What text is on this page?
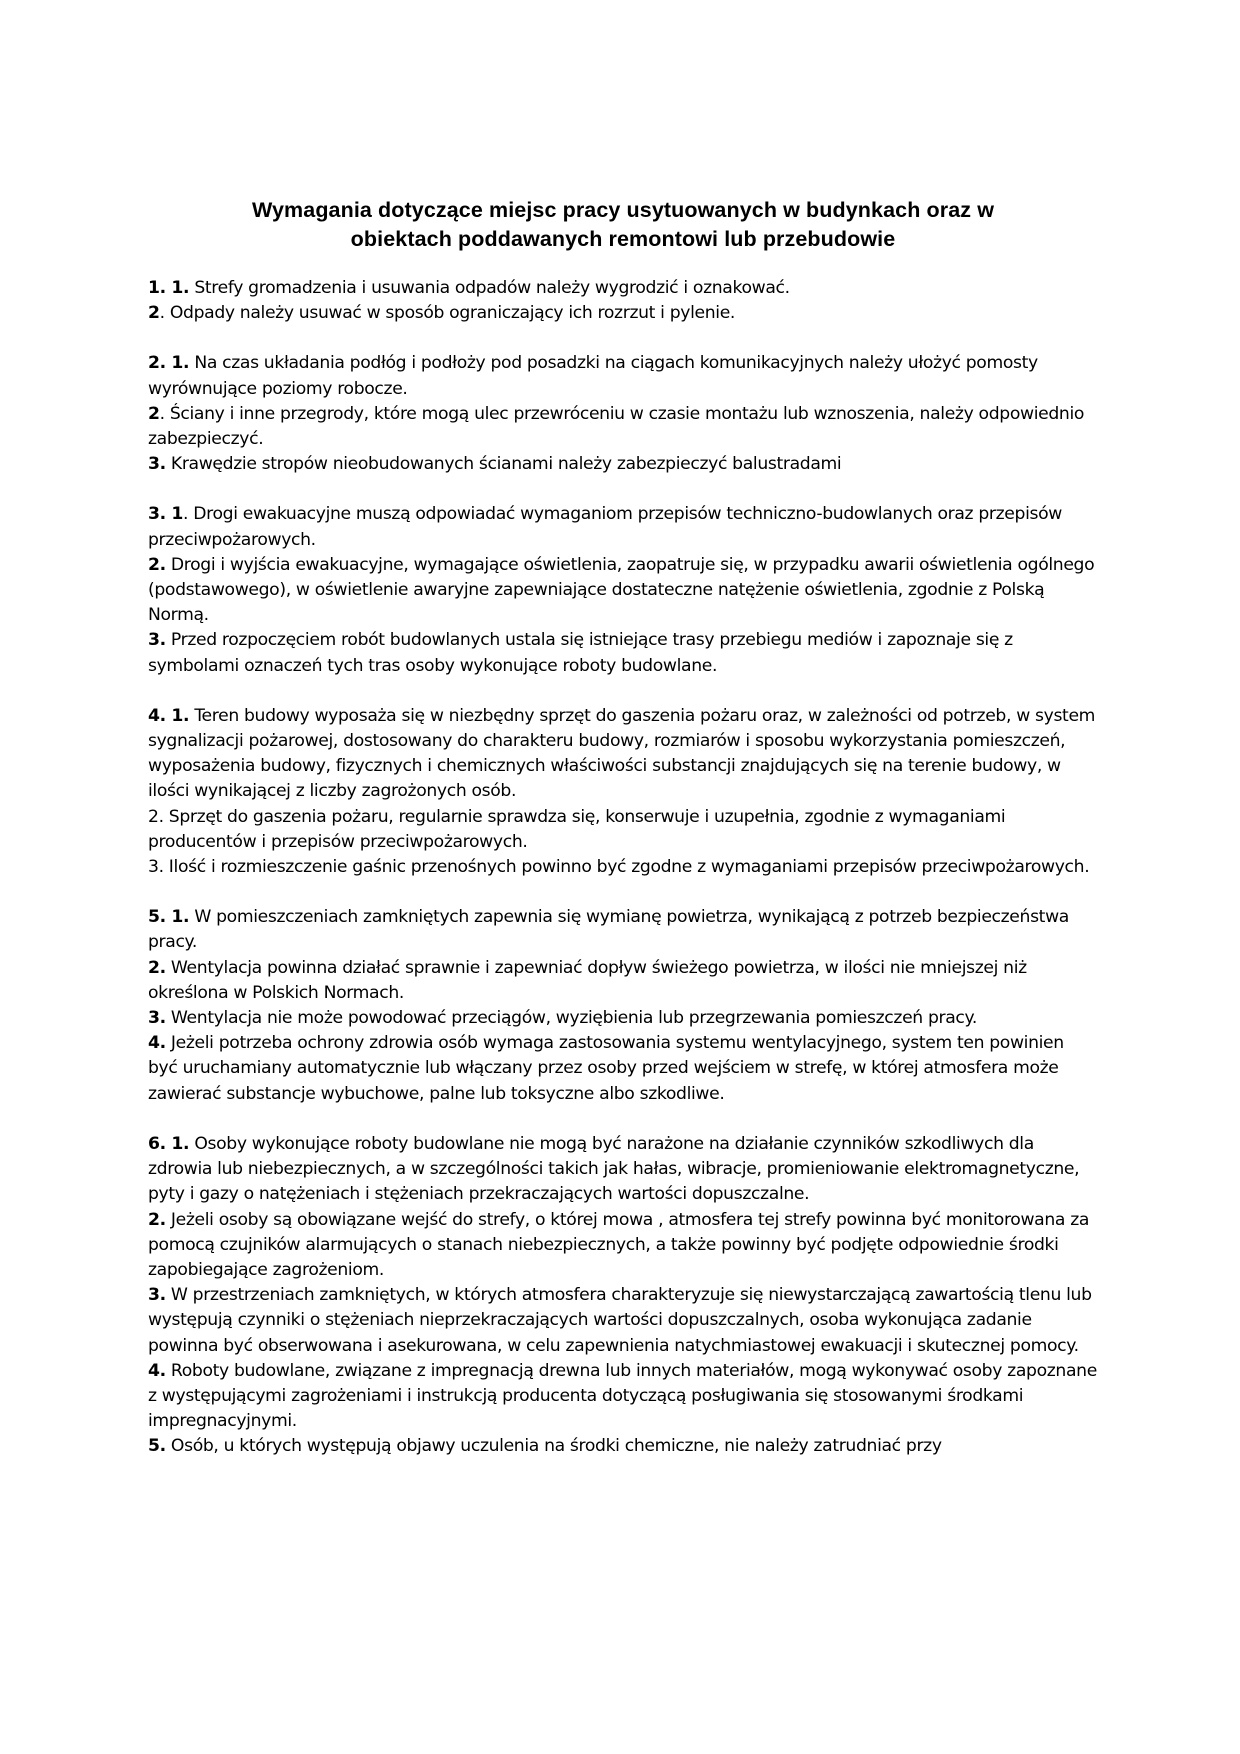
Wymagania dotyczące miejsc pracy usytuowanych w budynkach oraz w
obiektach poddawanych remontowi lub przebudowie

1. 1. Strefy gromadzenia i usuwania odpadów należy wygrodzić i oznakować.

2. Odpady należy usuwać w sposób ograniczający ich rozrzut i pylenie.

2. 1. Na czas układania podłóg i podłoży pod posadzki na ciągach komunikacyjnych należy ułożyć pomosty wyrównujące poziomy robocze.

2. Ściany i inne przegrody, które mogą ulec przewróceniu w czasie montażu lub wznoszenia, należy odpowiednio zabezpieczyć.

3. Krawędzie stropów nieobudowanych ścianami należy zabezpieczyć balustradami

3. 1. Drogi ewakuacyjne muszą odpowiadać wymaganiom przepisów techniczno-budowlanych oraz przepisów przeciwpożarowych.

2. Drogi i wyjścia ewakuacyjne, wymagające oświetlenia, zaopatruje się, w przypadku awarii oświetlenia ogólnego (podstawowego), w oświetlenie awaryjne zapewniające dostateczne natężenie oświetlenia, zgodnie z Polską Normą.

3. Przed rozpoczęciem robót budowlanych ustala się istniejące trasy przebiegu mediów i zapoznaje się z symbolami oznaczeń tych tras osoby wykonujące roboty budowlane.

4. 1. Teren budowy wyposaża się w niezbędny sprzęt do gaszenia pożaru oraz, w zależności od potrzeb, w system sygnalizacji pożarowej, dostosowany do charakteru budowy, rozmiarów i sposobu wykorzystania pomieszczeń, wyposażenia budowy, fizycznych i chemicznych właściwości substancji znajdujących się na terenie budowy, w ilości wynikającej z liczby zagrożonych osób.

2. Sprzęt do gaszenia pożaru, regularnie sprawdza się, konserwuje i uzupełnia, zgodnie z wymaganiami producentów i przepisów przeciwpożarowych.

3. Ilość i rozmieszczenie gaśnic przenośnych powinno być zgodne z wymaganiami przepisów przeciwpożarowych.

5. 1. W pomieszczeniach zamkniętych zapewnia się wymianę powietrza, wynikającą z potrzeb bezpieczeństwa pracy.

2. Wentylacja powinna działać sprawnie i zapewniać dopływ świeżego powietrza, w ilości nie mniejszej niż określona w Polskich Normach.

3. Wentylacja nie może powodować przeciągów, wyziębienia lub przegrzewania pomieszczeń pracy.

4. Jeżeli potrzeba ochrony zdrowia osób wymaga zastosowania systemu wentylacyjnego, system ten powinien być uruchamiany automatycznie lub włączany przez osoby przed wejściem w strefę, w której atmosfera może zawierać substancje wybuchowe, palne lub toksyczne albo szkodliwe.

6. 1. Osoby wykonujące roboty budowlane nie mogą być narażone na działanie czynników szkodliwych dla zdrowia lub niebezpiecznych, a w szczególności takich jak hałas, wibracje, promieniowanie elektromagnetyczne, pyty i gazy o natężeniach i stężeniach przekraczających wartości dopuszczalne.

2. Jeżeli osoby są obowiązane wejść do strefy, o której mowa , atmosfera tej strefy powinna być monitorowana za pomocą czujników alarmujących o stanach niebezpiecznych, a także powinny być podjęte odpowiednie środki zapobiegające zagrożeniom.

3. W przestrzeniach zamkniętych, w których atmosfera charakteryzuje się niewystarczającą zawartością tlenu lub występują czynniki o stężeniach nieprzekraczających wartości dopuszczalnych, osoba wykonująca zadanie powinna być obserwowana i asekurowana, w celu zapewnienia natychmiastowej ewakuacji i skutecznej pomocy.

4. Roboty budowlane, związane z impregnacją drewna lub innych materiałów, mogą wykonywać osoby zapoznane z występującymi zagrożeniami i instrukcją producenta dotyczącą posługiwania się stosowanymi środkami impregnacyjnymi.

5. Osób, u których występują objawy uczulenia na środki chemiczne, nie należy zatrudniać przy
